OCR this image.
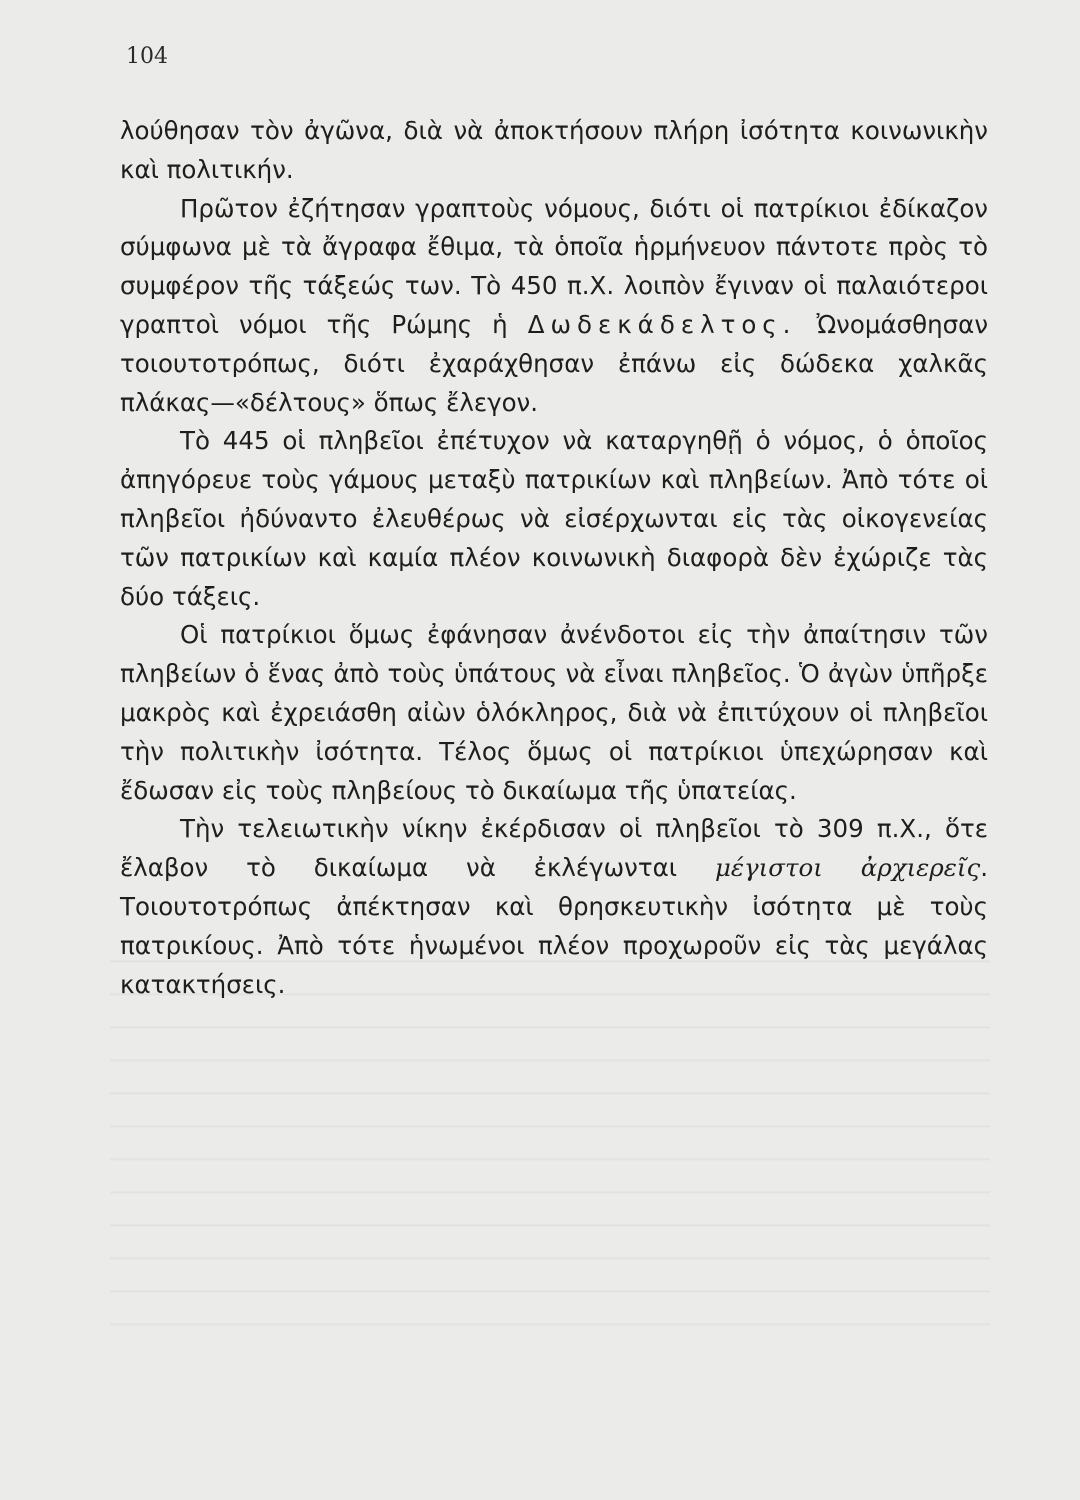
104

λούθησαν τὸν ἀγῶνα, διὰ νὰ ἀποκτήσουν πλήρη ἰσότητα κοινωνικὴν καὶ πολιτικήν.

Πρῶτον ἐζήτησαν γραπτοὺς νόμους, διότι οἱ πατρίκιοι ἐδίκαζον σύμφωνα μὲ τὰ ἄγραφα ἔθιμα, τὰ ὁποῖα ἡρμήνευον πάντοτε πρὸς τὸ συμφέρον τῆς τάξεώς των. Τὸ 450 π.Χ. λοιπὸν ἔγιναν οἱ παλαιότεροι γραπτοὶ νόμοι τῆς Ρώμης ἡ Δωδεκάδελτος. Ὠνομάσθησαν τοιουτοτρόπως, διότι ἐχαράχθησαν ἐπάνω εἰς δώδεκα χαλκᾶς πλάκας—«δέλτους» ὅπως ἔλεγον.

Τὸ 445 οἱ πληβεῖοι ἐπέτυχον νὰ καταργηθῇ ὁ νόμος, ὁ ὁποῖος ἀπηγόρευε τοὺς γάμους μεταξὺ πατρικίων καὶ πληβείων. Ἀπὸ τότε οἱ πληβεῖοι ἠδύναντο ἐλευθέρως νὰ εἰσέρχωνται εἰς τὰς οἰκογενείας τῶν πατρικίων καὶ καμία πλέον κοινωνικὴ διαφορὰ δὲν ἐχώριζε τὰς δύο τάξεις.

Οἱ πατρίκιοι ὅμως ἐφάνησαν ἀνένδοτοι εἰς τὴν ἀπαίτησιν τῶν πληβείων ὁ ἕνας ἀπὸ τοὺς ὑπάτους νὰ εἶναι πληβεῖος. Ὁ ἀγὼν ὑπῆρξε μακρὸς καὶ ἐχρειάσθη αἰὼν ὁλόκληρος, διὰ νὰ ἐπιτύχουν οἱ πληβεῖοι τὴν πολιτικὴν ἰσότητα. Τέλος ὅμως οἱ πατρίκιοι ὑπεχώρησαν καὶ ἔδωσαν εἰς τοὺς πληβείους τὸ δικαίωμα τῆς ὑπατείας.

Τὴν τελειωτικὴν νίκην ἐκέρδισαν οἱ πληβεῖοι τὸ 309 π.Χ., ὅτε ἔλαβον τὸ δικαίωμα νὰ ἐκλέγωνται μέγιστοι ἀρχιερεῖς. Τοιουτοτρόπως ἀπέκτησαν καὶ θρησκευτικὴν ἰσότητα μὲ τοὺς πατρικίους. Ἀπὸ τότε ἡνωμένοι πλέον προχωροῦν εἰς τὰς μεγάλας κατακτήσεις.
